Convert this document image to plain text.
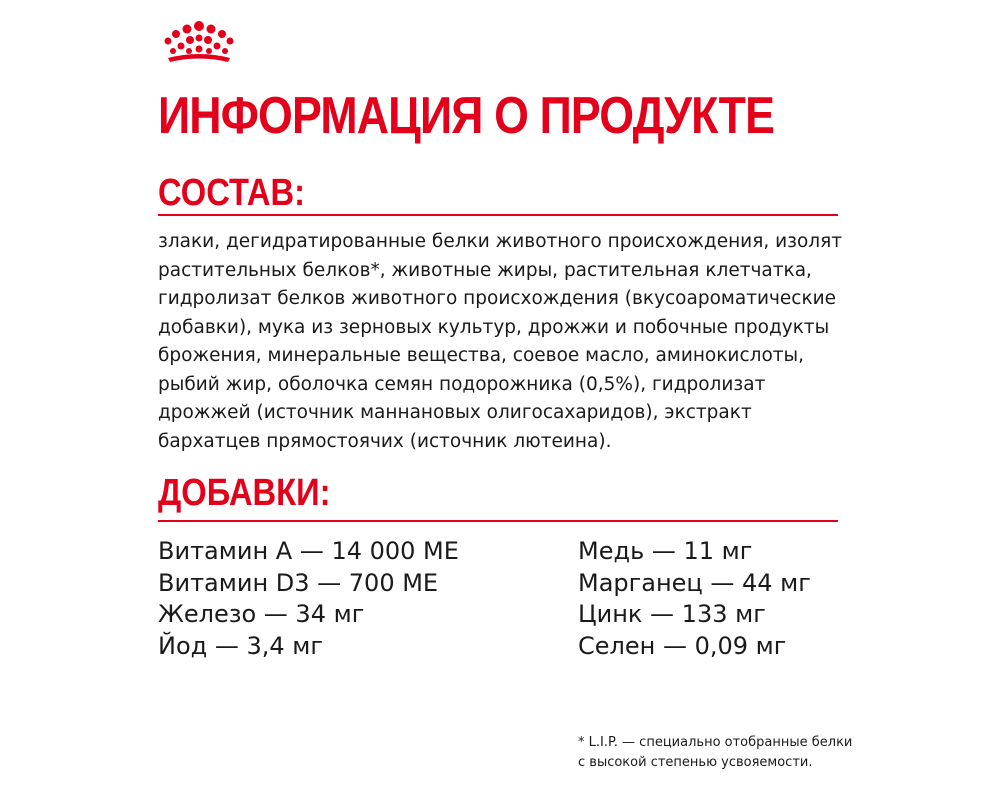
ИНФОРМАЦИЯ О ПРОДУКТЕ
СОСТАВ:

злаки, дегидратированные белки животного происхождения, изолят растительных белков*, животные жиры, растительная клетчатка, гидролизат белков животного происхождения (вкусоароматические добавки), мука из зерновых культур, дрожжи и побочные продукты брожения, минеральные вещества, соевое масло, аминокислоты, рыбий жир, оболочка семян подорожника (0,5%), гидролизат дрожжей (источник маннановых олигосахаридов), экстракт бархатцев прямостоячих (источник лютеина).

ДОБАВКИ:
Витамин A — 14 000 МЕ
Витамин D3 — 700 МЕ
Железо — 34 мг
Йод — 3,4 мг
Медь — 11 мг
Марганец — 44 мг
Цинк — 133 мг
Селен — 0,09 мг
* L.I.P. — специально отобранные белки
с высокой степенью усвояемости.
